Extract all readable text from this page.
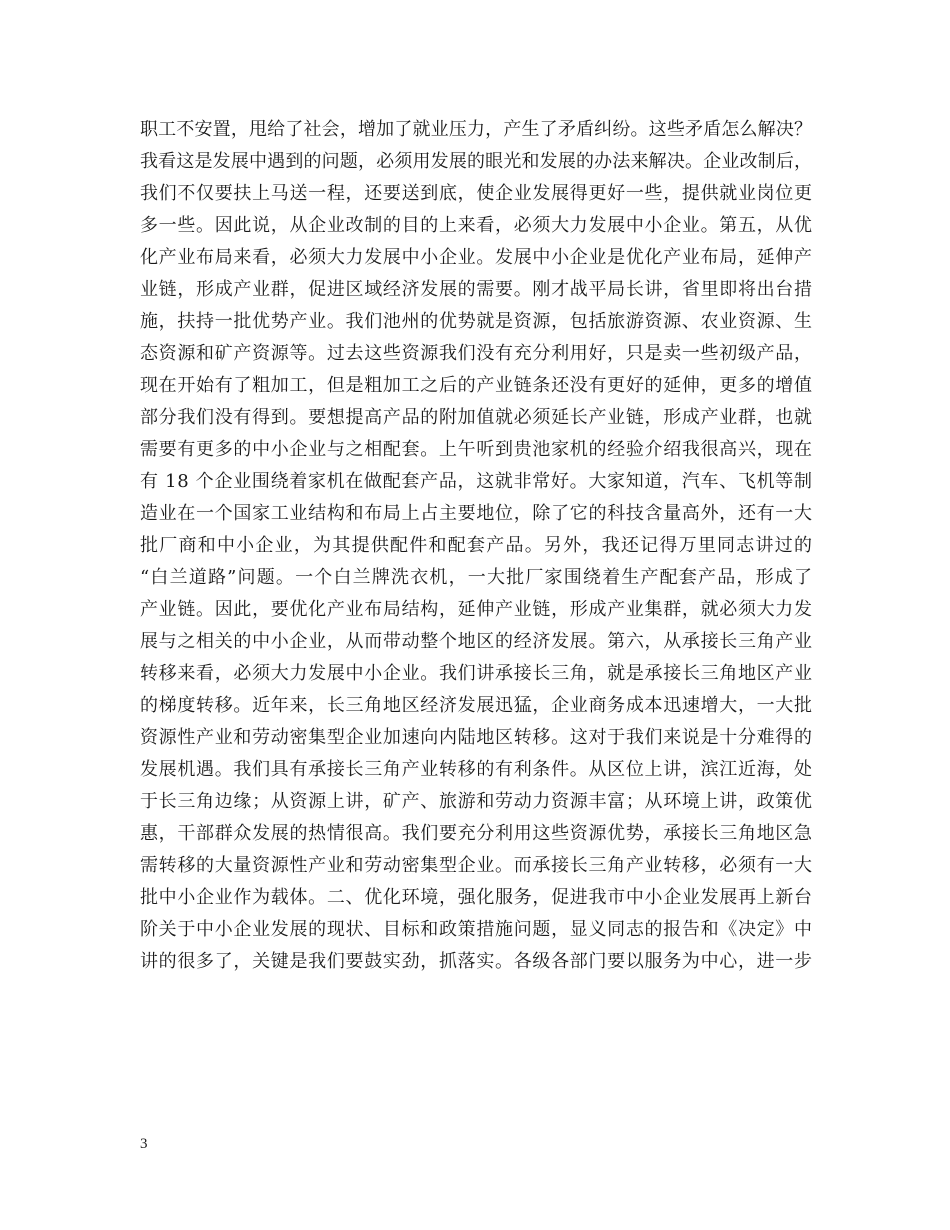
职工不安置，甩给了社会，增加了就业压力，产生了矛盾纠纷。这些矛盾怎么解决？
我看这是发展中遇到的问题，必须用发展的眼光和发展的办法来解决。企业改制后，
我们不仅要扶上马送一程，还要送到底，使企业发展得更好一些，提供就业岗位更
多一些。因此说，从企业改制的目的上来看，必须大力发展中小企业。第五，从优
化产业布局来看，必须大力发展中小企业。发展中小企业是优化产业布局，延伸产
业链，形成产业群，促进区域经济发展的需要。刚才战平局长讲，省里即将出台措
施，扶持一批优势产业。我们池州的优势就是资源，包括旅游资源、农业资源、生
态资源和矿产资源等。过去这些资源我们没有充分利用好，只是卖一些初级产品，
现在开始有了粗加工，但是粗加工之后的产业链条还没有更好的延伸，更多的增值
部分我们没有得到。要想提高产品的附加值就必须延长产业链，形成产业群，也就
需要有更多的中小企业与之相配套。上午听到贵池家机的经验介绍我很高兴，现在
有 18 个企业围绕着家机在做配套产品，这就非常好。大家知道，汽车、飞机等制
造业在一个国家工业结构和布局上占主要地位，除了它的科技含量高外，还有一大
批厂商和中小企业，为其提供配件和配套产品。另外，我还记得万里同志讲过的
“白兰道路”问题。一个白兰牌洗衣机，一大批厂家围绕着生产配套产品，形成了
产业链。因此，要优化产业布局结构，延伸产业链，形成产业集群，就必须大力发
展与之相关的中小企业，从而带动整个地区的经济发展。第六，从承接长三角产业
转移来看，必须大力发展中小企业。我们讲承接长三角，就是承接长三角地区产业
的梯度转移。近年来，长三角地区经济发展迅猛，企业商务成本迅速增大，一大批
资源性产业和劳动密集型企业加速向内陆地区转移。这对于我们来说是十分难得的
发展机遇。我们具有承接长三角产业转移的有利条件。从区位上讲，滨江近海，处
于长三角边缘；从资源上讲，矿产、旅游和劳动力资源丰富；从环境上讲，政策优
惠，干部群众发展的热情很高。我们要充分利用这些资源优势，承接长三角地区急
需转移的大量资源性产业和劳动密集型企业。而承接长三角产业转移，必须有一大
批中小企业作为载体。二、优化环境，强化服务，促进我市中小企业发展再上新台
阶关于中小企业发展的现状、目标和政策措施问题，显义同志的报告和《决定》中
讲的很多了，关键是我们要鼓实劲，抓落实。各级各部门要以服务为中心，进一步
3
